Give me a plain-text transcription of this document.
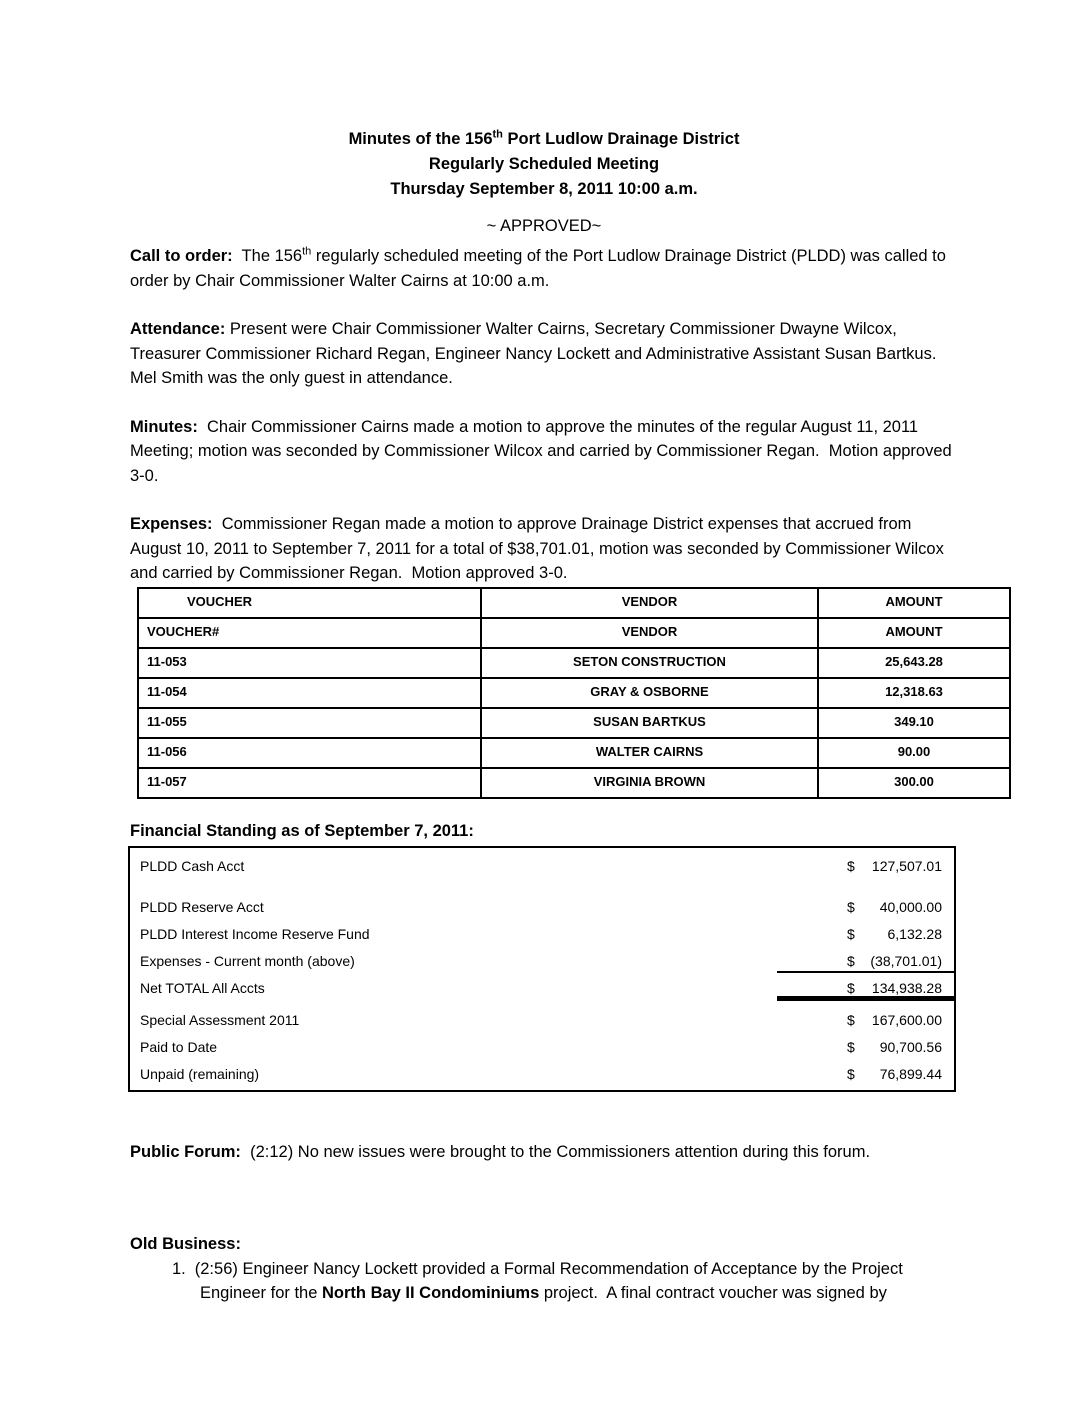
Minutes of the 156th Port Ludlow Drainage District
Regularly Scheduled Meeting
Thursday September 8, 2011 10:00 a.m.
~ APPROVED~

Call to order:  The 156th regularly scheduled meeting of the Port Ludlow Drainage District (PLDD) was called to order by Chair Commissioner Walter Cairns at 10:00 a.m.

Attendance: Present were Chair Commissioner Walter Cairns, Secretary Commissioner Dwayne Wilcox, Treasurer Commissioner Richard Regan, Engineer Nancy Lockett and Administrative Assistant Susan Bartkus.   Mel Smith was the only guest in attendance.

Minutes:  Chair Commissioner Cairns made a motion to approve the minutes of the regular August 11, 2011 Meeting; motion was seconded by Commissioner Wilcox and carried by Commissioner Regan.  Motion approved 3-0.

Expenses:  Commissioner Regan made a motion to approve Drainage District expenses that accrued from August 10, 2011 to September 7, 2011 for a total of $38,701.01, motion was seconded by Commissioner Wilcox and carried by Commissioner Regan.  Motion approved 3-0.

VOUCHER	VENDOR	AMOUNT
VOUCHER#	VENDOR	AMOUNT
11-053	SETON CONSTRUCTION	25,643.28
11-054	GRAY & OSBORNE	12,318.63
11-055	SUSAN BARTKUS	349.10
11-056	WALTER CAIRNS	90.00
11-057	VIRGINIA BROWN	300.00
Financial Standing as of September 7, 2011:
PLDD Cash Acct	$	127,507.01
PLDD Reserve Acct	$	40,000.00
PLDD Interest Income Reserve Fund	$	6,132.28
Expenses - Current month (above)	$	(38,701.01)
Net TOTAL All Accts	$	134,938.28
Special Assessment 2011	$	167,600.00
Paid to Date	$	90,700.56
Unpaid (remaining)	$	76,899.44

Public Forum:  (2:12) No new issues were brought to the Commissioners attention during this forum.

Old Business:

1. (2:56) Engineer Nancy Lockett provided a Formal Recommendation of Acceptance by the Project Engineer for the North Bay II Condominiums project.  A final contract voucher was signed by
